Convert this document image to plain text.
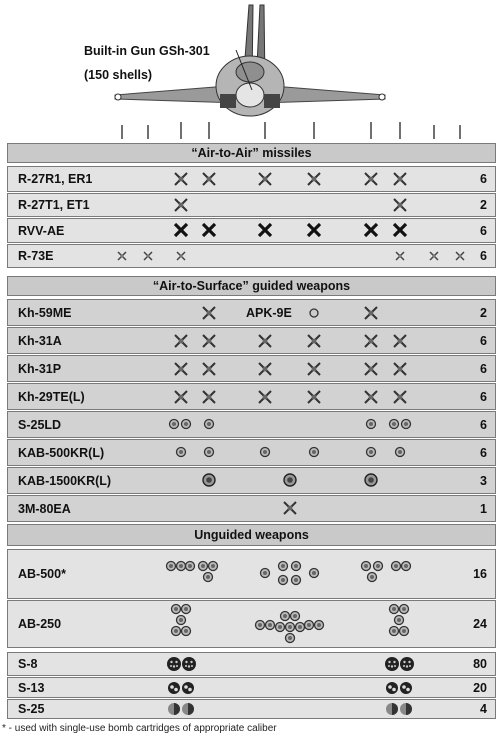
Built-in Gun GSh-301
(150 shells)
“Air-to-Air” missiles
“Air-to-Surface” guided weapons
Unguided weapons
R-27R1, ER1	6
R-27T1, ET1	2
RVV-AE	6
R-73E	6
Kh-59ME	APK-9E	2
Kh-31A	6
Kh-31P	6
Kh-29TE(L)	6
S-25LD	6
KAB-500KR(L)	6
KAB-1500KR(L)	3
3M-80EA	1
AB-500*	16
AB-250	24
S-8	80
S-13	20
S-25	4
* - used with single-use bomb cartridges of appropriate caliber
